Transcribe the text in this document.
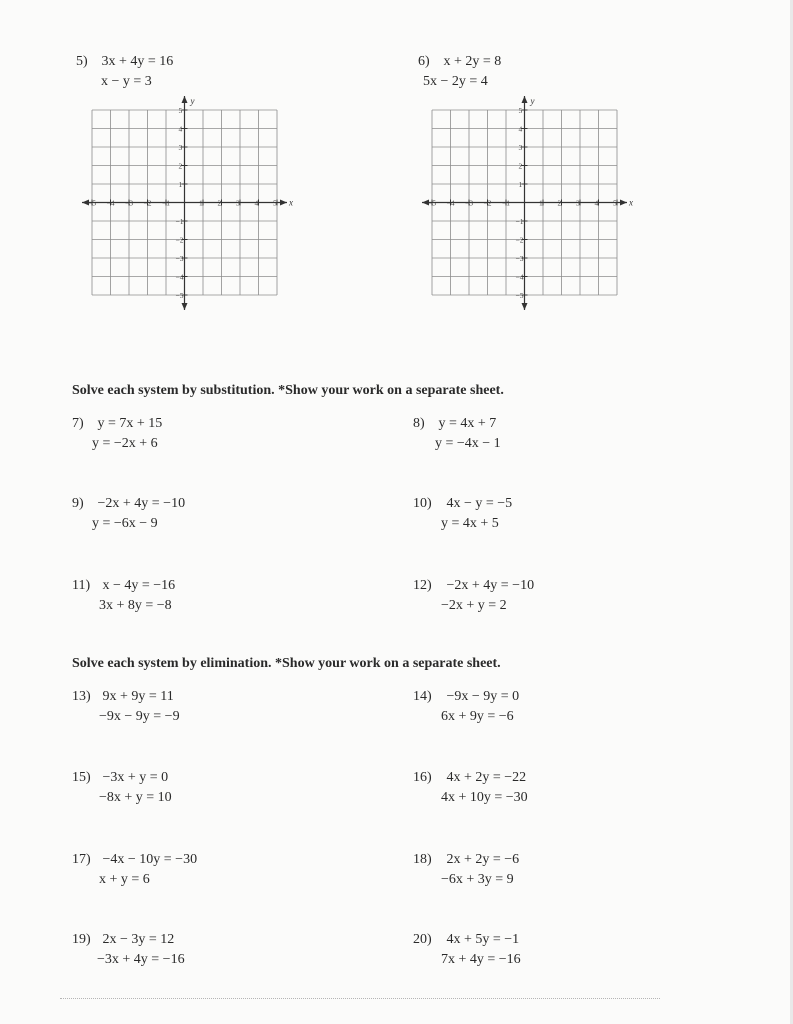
5) 3x + 4y = 16
x − y = 3
6) x + 2y = 8
5x − 2y = 4
x
y
−5 −4 −3 −2 −1	1 2 3 4 5
5
4
3
2
1
−1
−2
−3
−4
−5
x
y
−5 −4 −3 −2 −1	1 2 3 4 5
5
4
3
2
1
−1
−2
−3
−4
−5
Solve each system by substitution. *Show your work on a separate sheet.
7) y = 7x + 15
y = −2x + 6
8) y = 4x + 7
y = −4x − 1
9) −2x + 4y = −10
y = −6x − 9
10) 4x − y = −5
y = 4x + 5
11) x − 4y = −16
3x + 8y = −8
12) −2x + 4y = −10
−2x + y = 2
Solve each system by elimination. *Show your work on a separate sheet.
13) 9x + 9y = 11
−9x − 9y = −9
14) −9x − 9y = 0
6x + 9y = −6
15) −3x + y = 0
−8x + y = 10
16) 4x + 2y = −22
4x + 10y = −30
17) −4x − 10y = −30
x + y = 6
18) 2x + 2y = −6
−6x + 3y = 9
19) 2x − 3y = 12
−3x + 4y = −16
20) 4x + 5y = −1
7x + 4y = −16
